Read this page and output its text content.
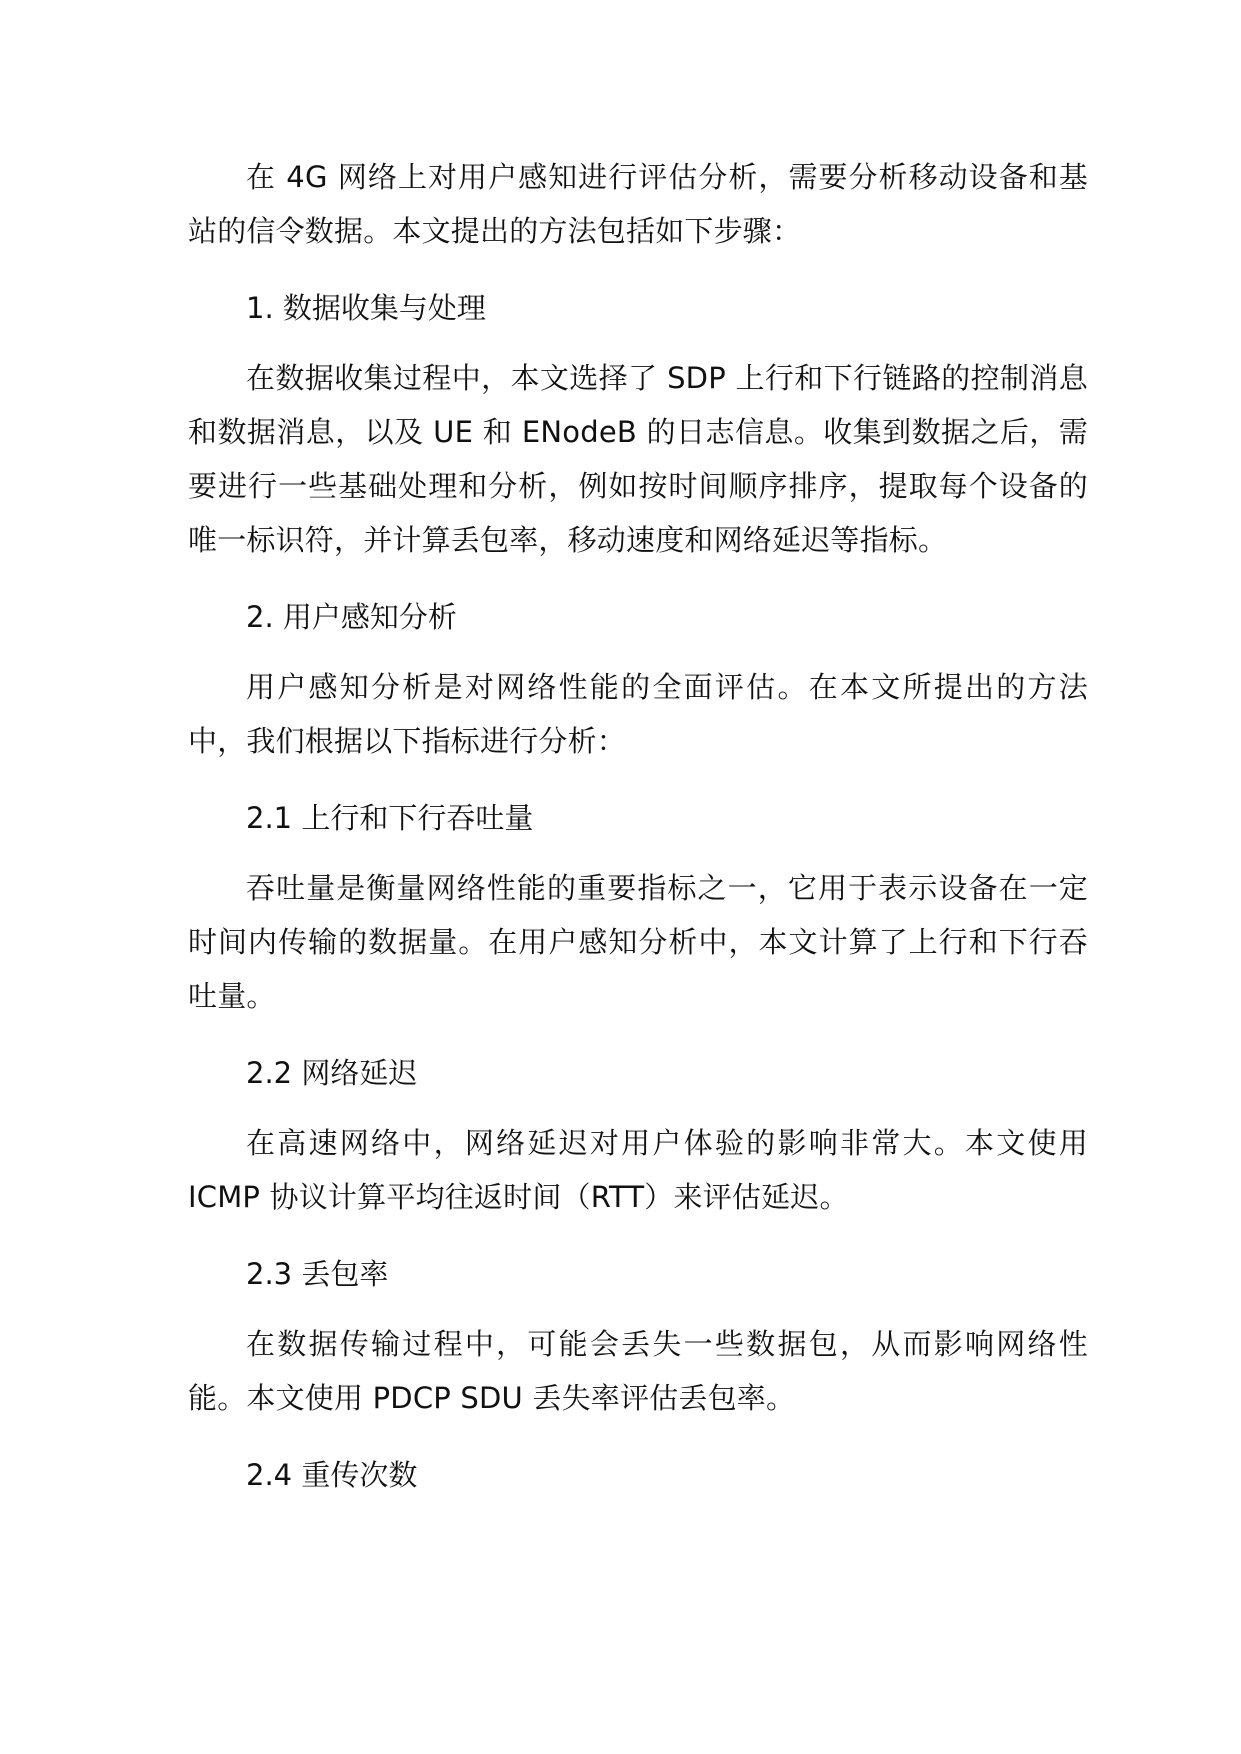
在 4G 网络上对用户感知进行评估分析，需要分析移动设备和基站的信令数据。本文提出的方法包括如下步骤：

1. 数据收集与处理

在数据收集过程中，本文选择了 SDP 上行和下行链路的控制消息和数据消息，以及 UE 和 ENodeB 的日志信息。收集到数据之后，需要进行一些基础处理和分析，例如按时间顺序排序，提取每个设备的唯一标识符，并计算丢包率，移动速度和网络延迟等指标。

2. 用户感知分析

用户感知分析是对网络性能的全面评估。在本文所提出的方法中，我们根据以下指标进行分析：

2.1 上行和下行吞吐量

吞吐量是衡量网络性能的重要指标之一，它用于表示设备在一定时间内传输的数据量。在用户感知分析中，本文计算了上行和下行吞吐量。

2.2 网络延迟

在高速网络中，网络延迟对用户体验的影响非常大。本文使用 ICMP 协议计算平均往返时间（RTT）来评估延迟。

2.3 丢包率

在数据传输过程中，可能会丢失一些数据包，从而影响网络性能。本文使用 PDCP SDU 丢失率评估丢包率。

2.4 重传次数
